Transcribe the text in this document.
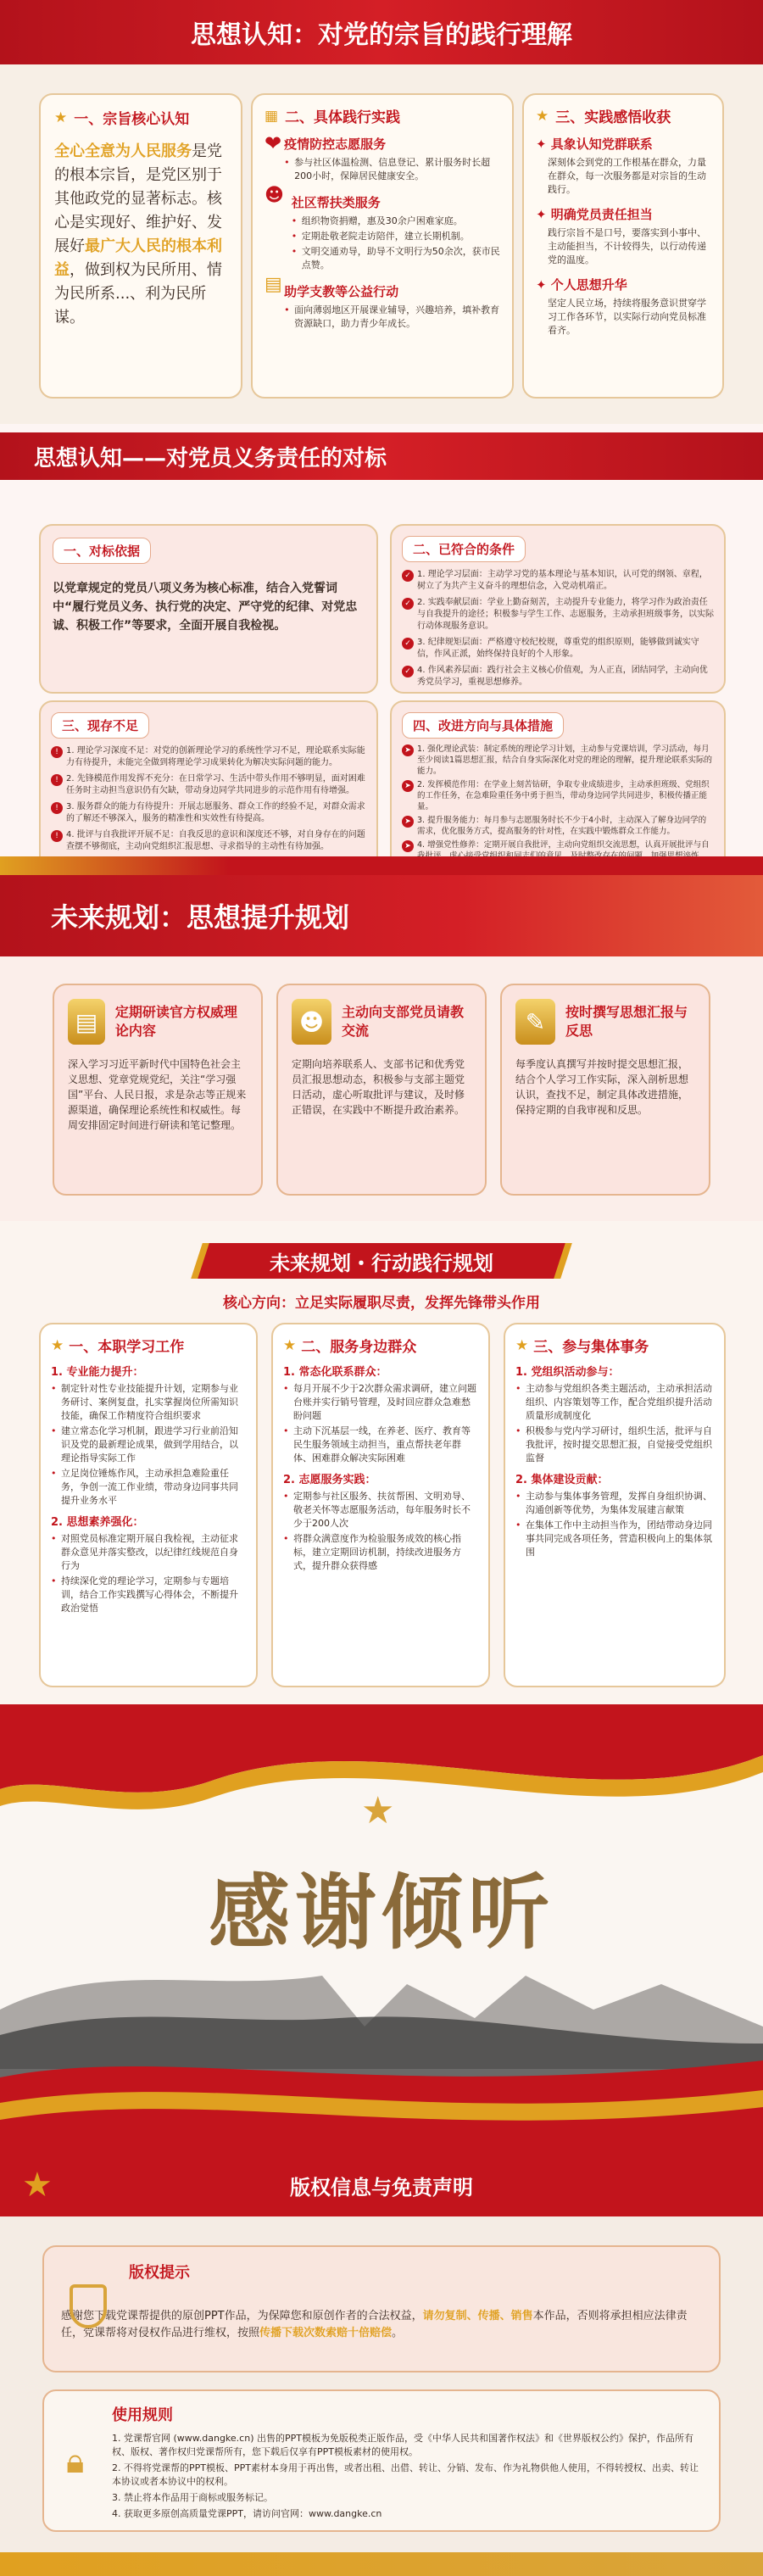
思想认知：对党的宗旨的践行理解
★ 一、宗旨核心认知
全心全意为人民服务是党的根本宗旨，是党区别于其他政党的显著标志。核心是实现好、维护好、发展好最广大人民的根本利益，做到权为民所用、情为民所系...、利为民所谋。
▦ 二、具体践行实践
❤ 疫情防控志愿服务
• 参与社区体温检测、信息登记、累计服务时长超200小时，保障居民健康安全。
☻ 社区帮扶类服务
• 组织物资捐赠，惠及30余户困难家庭。
• 定期赴敬老院走访陪伴，建立长期机制。
• 文明交通劝导，助导不文明行为50余次，获市民点赞。
▤ 助学支教等公益行动
• 面向薄弱地区开展课业辅导，兴趣培养，填补教育资源缺口，助力青少年成长。
★ 三、实践感悟收获
✦ 具象认知党群联系
深刻体会到党的工作根基在群众，力量在群众，每一次服务都是对宗旨的生动践行。
✦ 明确党员责任担当
践行宗旨不是口号，要落实到小事中、主动能担当，不计较得失，以行动传递党的温度。
✦ 个人思想升华
坚定人民立场，持续将服务意识贯穿学习工作各环节，以实际行动向党员标准看齐。
思想认知——对党员义务责任的对标
一、对标依据
以党章规定的党员八项义务为核心标准，结合入党誓词中“履行党员义务、执行党的决定、严守党的纪律、对党忠诚、积极工作”等要求，全面开展自我检视。
二、已符合的条件
✓ 1. 理论学习层面：主动学习党的基本理论与基本知识，认可党的纲领、章程，树立了为共产主义奋斗的理想信念，入党动机端正。
✓ 2. 实践奉献层面：学业上勤奋刻苦，主动提升专业能力，将学习作为政治责任与自我提升的途径；积极参与学生工作、志愿服务，主动承担班级事务，以实际行动体现服务意识。
✓ 3. 纪律规矩层面：严格遵守校纪校规，尊重党的组织原则，能够做到诚实守信，作风正派，始终保持良好的个人形象。
✓ 4. 作风素养层面：践行社会主义核心价值观，为人正直，团结同学，主动向优秀党员学习，重视思想修养。
三、现存不足
! 1. 理论学习深度不足：对党的创新理论学习的系统性学习不足，理论联系实际能力有待提升，未能完全做到将理论学习成果转化为解决实际问题的能力。
! 2. 先锋模范作用发挥不充分：在日常学习、生活中带头作用不够明显，面对困难任务时主动担当意识仍有欠缺，带动身边同学共同进步的示范作用有待增强。
! 3. 服务群众的能力有待提升：开展志愿服务、群众工作的经验不足，对群众需求的了解还不够深入，服务的精准性和实效性有待提高。
! 4. 批评与自我批评开展不足：自我反思的意识和深度还不够，对自身存在的问题查摆不够彻底，主动向党组织汇报思想、寻求指导的主动性有待加强。
四、改进方向与具体措施
➤ 1. 强化理论武装：制定系统的理论学习计划，主动参与党课培训，学习活动，每月至少阅读1篇思想汇报，结合自身实际深化对党的理论的理解，提升理论联系实际的能力。
➤ 2. 发挥模范作用：在学业上刻苦钻研，争取专业成绩进步，主动承担班级、党组织的工作任务，在急难险重任务中勇于担当，带动身边同学共同进步，积极传播正能量。
➤ 3. 提升服务能力：每月参与志愿服务时长不少于4小时，主动深入了解身边同学的需求，优化服务方式，提高服务的针对性，在实践中锻炼群众工作能力。
➤ 4. 增强党性修养：定期开展自我批评，主动向党组织交流思想，认真开展批评与自
未来规划：思想提升规划
▤	定期研读官方权威理论内容
深入学习习近平新时代中国特色社会主义思想、党章党规党纪，关注“学习强国”平台、人民日报，求是杂志等正规来源渠道，确保理论系统性和权威性。每周安排固定时间进行研读和笔记整理。
☻	主动向支部党员请教交流
定期向培养联系人、支部书记和优秀党员汇报思想动态，积极参与支部主题党日活动，虚心听取批评与建议，及时修正错误，在实践中不断提升政治素养。
✎	按时撰写思想汇报与反思
每季度认真撰写并按时提交思想汇报，结合个人学习工作实际，深入剖析思想认识，查找不足，制定具体改进措施，保持定期的自我审视和反思。
未来规划・行动践行规划
核心方向：立足实际履职尽责，发挥先锋带头作用
★ 一、本职学习工作
1. 专业能力提升：
• 制定针对性专业技能提升计划，定期参与业务研讨、案例复盘，扎实掌握岗位所需知识技能，确保工作精度符合组织要求
• 建立常态化学习机制，跟进学习行业前沿知识及党的最新理论成果，做到学用结合，以理论指导实际工作
• 立足岗位锤炼作风，主动承担急难险重任务，争创一流工作业绩，带动身边同事共同提升业务水平
2. 思想素养强化：
• 对照党员标准定期开展自我检视，主动征求群众意见并落实整改，以纪律红线规范自身行为
• 持续深化党的理论学习，定期参与专题培训，结合工作实践撰写心得体会，不断提升政治觉悟
★ 二、服务身边群众
1. 常态化联系群众：
• 每月开展不少于2次群众需求调研，建立问题台账并实行销号管理，及时回应群众急难愁盼问题
• 主动下沉基层一线，在养老、医疗、教育等民生服务领域主动担当，重点帮扶老年群体、困难群众解决实际困难
2. 志愿服务实践：
• 定期参与社区服务、扶贫帮困、文明劝导、敬老关怀等志愿服务活动，每年服务时长不少于200人次
• 将群众满意度作为检验服务成效的核心指标，建立定期回访机制，持续改进服务方式，提升群众获得感
★ 三、参与集体事务
1. 党组织活动参与：
• 主动参与党组织各类主题活动，主动承担活动组织、内容策划等工作，配合党组织提升活动质量形成制度化
• 积极参与党内学习研讨，组织生活，批评与自我批评，按时提交思想汇报，自觉接受党组织监督
2. 集体建设贡献：
• 主动参与集体事务管理，发挥自身组织协调、沟通创新等优势，为集体发展建言献策
• 在集体工作中主动担当作为，团结带动身边同事共同完成各项任务，营造积极向上的集体氛围
★
感谢倾听
★	版权信息与免责声明
版权提示
感谢您下载党课帮提供的原创PPT作品，为保障您和原创作者的合法权益，请勿复制、传播、销售本作品，否则将承担相应法律责任，党课帮将对侵权作品进行维权，按照传播下载次数索赔十倍赔偿。
🔒︎
使用规则
1. 党课帮官网 (www.dangke.cn) 出售的PPT模板为免版税类正版作品，受《中华人民共和国著作权法》和《世界版权公约》保护，作品所有权、版权、著作权归党课帮所有，您下载后仅享有PPT模板素材的使用权。
2. 不得将党课帮的PPT模板、PPT素材本身用于再出售，或者出租、出借、转让、分销、发布、作为礼物供他人使用，不得转授权、出卖、转让本协议或者本协议中的权利。
3. 禁止将本作品用于商标或服务标记。
4. 获取更多原创高质量党课PPT，请访问官网：www.dangke.cn
